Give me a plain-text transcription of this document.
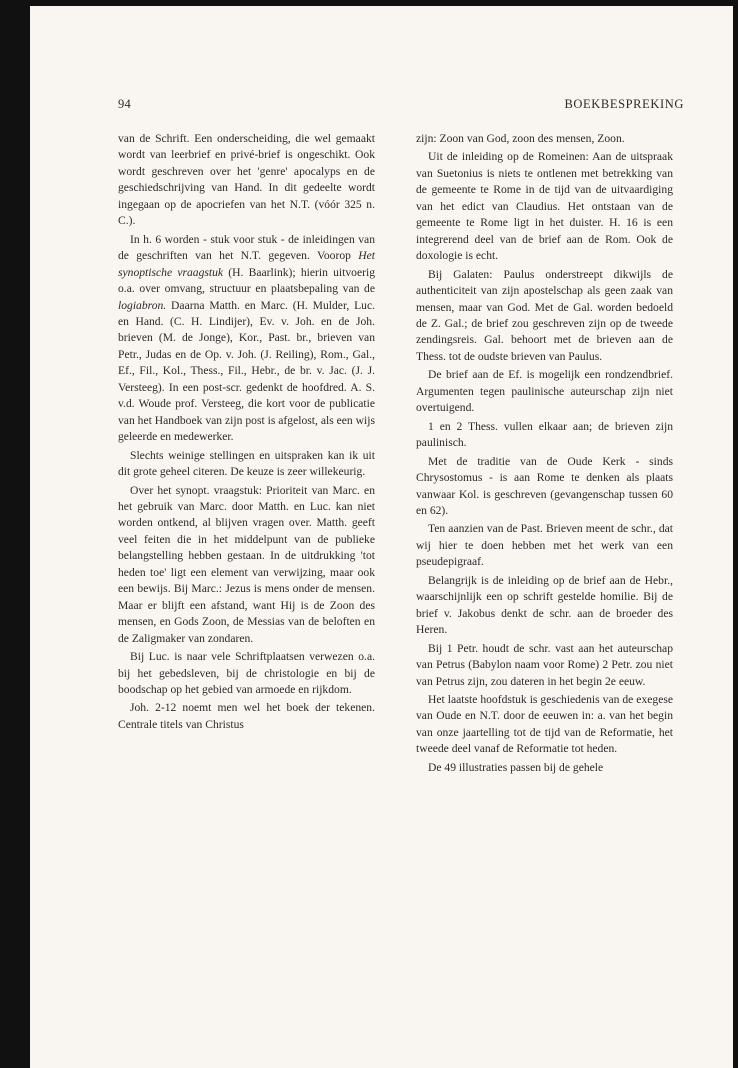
94	BOEKBESPREKING

van de Schrift. Een onderscheiding, die wel gemaakt wordt van leerbrief en privé-brief is ongeschikt. Ook wordt geschreven over het 'genre' apocalyps en de geschiedschrijving van Hand. In dit gedeelte wordt ingegaan op de apocriefen van het N.T. (vóór 325 n. C.).

In h. 6 worden - stuk voor stuk - de inleidingen van de geschriften van het N.T. gegeven. Voorop Het synoptische vraagstuk (H. Baarlink); hierin uitvoerig o.a. over omvang, structuur en plaatsbepaling van de logiabron. Daarna Matth. en Marc. (H. Mulder, Luc. en Hand. (C. H. Lindijer), Ev. v. Joh. en de Joh. brieven (M. de Jonge), Kor., Past. br., brieven van Petr., Judas en de Op. v. Joh. (J. Reiling), Rom., Gal., Ef., Fil., Kol., Thess., Fil., Hebr., de br. v. Jac. (J. J. Versteeg). In een post-scr. gedenkt de hoofdred. A. S. v.d. Woude prof. Versteeg, die kort voor de publicatie van het Handboek van zijn post is afgelost, als een wijs geleerde en medewerker.

Slechts weinige stellingen en uitspraken kan ik uit dit grote geheel citeren. De keuze is zeer willekeurig.

Over het synopt. vraagstuk: Prioriteit van Marc. en het gebruik van Marc. door Matth. en Luc. kan niet worden ontkend, al blijven vragen over. Matth. geeft veel feiten die in het middelpunt van de publieke belangstelling hebben gestaan. In de uitdrukking 'tot heden toe' ligt een element van verwijzing, maar ook een bewijs. Bij Marc.: Jezus is mens onder de mensen. Maar er blijft een afstand, want Hij is de Zoon des mensen, en Gods Zoon, de Messias van de beloften en de Zaligmaker van zondaren.

Bij Luc. is naar vele Schriftplaatsen verwezen o.a. bij het gebedsleven, bij de christologie en bij de boodschap op het gebied van armoede en rijkdom.

Joh. 2-12 noemt men wel het boek der tekenen. Centrale titels van Christus

zijn: Zoon van God, zoon des mensen, Zoon.

Uit de inleiding op de Romeinen: Aan de uitspraak van Suetonius is niets te ontlenen met betrekking van de gemeente te Rome in de tijd van de uitvaardiging van het edict van Claudius. Het ontstaan van de gemeente te Rome ligt in het duister. H. 16 is een integrerend deel van de brief aan de Rom. Ook de doxologie is echt.

Bij Galaten: Paulus onderstreept dikwijls de authenticiteit van zijn apostelschap als geen zaak van mensen, maar van God. Met de Gal. worden bedoeld de Z. Gal.; de brief zou geschreven zijn op de tweede zendingsreis. Gal. behoort met de brieven aan de Thess. tot de oudste brieven van Paulus.

De brief aan de Ef. is mogelijk een rondzendbrief. Argumenten tegen paulinische auteurschap zijn niet overtuigend.

1 en 2 Thess. vullen elkaar aan; de brieven zijn paulinisch.

Met de traditie van de Oude Kerk - sinds Chrysostomus - is aan Rome te denken als plaats vanwaar Kol. is geschreven (gevangenschap tussen 60 en 62).

Ten aanzien van de Past. Brieven meent de schr., dat wij hier te doen hebben met het werk van een pseudepigraaf.

Belangrijk is de inleiding op de brief aan de Hebr., waarschijnlijk een op schrift gestelde homilie. Bij de brief v. Jakobus denkt de schr. aan de broeder des Heren.

Bij 1 Petr. houdt de schr. vast aan het auteurschap van Petrus (Babylon naam voor Rome) 2 Petr. zou niet van Petrus zijn, zou dateren in het begin 2e eeuw.

Het laatste hoofdstuk is geschiedenis van de exegese van Oude en N.T. door de eeuwen in: a. van het begin van onze jaartelling tot de tijd van de Reformatie, het tweede deel vanaf de Reformatie tot heden.

De 49 illustraties passen bij de gehele
